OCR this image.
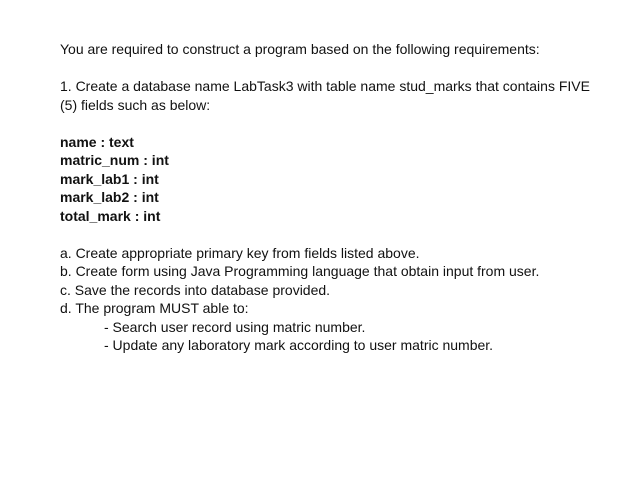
You are required to construct a program based on the following requirements:
1. Create a database name LabTask3 with table name stud_marks that contains FIVE
(5) fields such as below:
name : text
matric_num : int
mark_lab1 : int
mark_lab2 : int
total_mark : int
a. Create appropriate primary key from fields listed above.
b. Create form using Java Programming language that obtain input from user.
c. Save the records into database provided.
d. The program MUST able to:
- Search user record using matric number.
- Update any laboratory mark according to user matric number.
